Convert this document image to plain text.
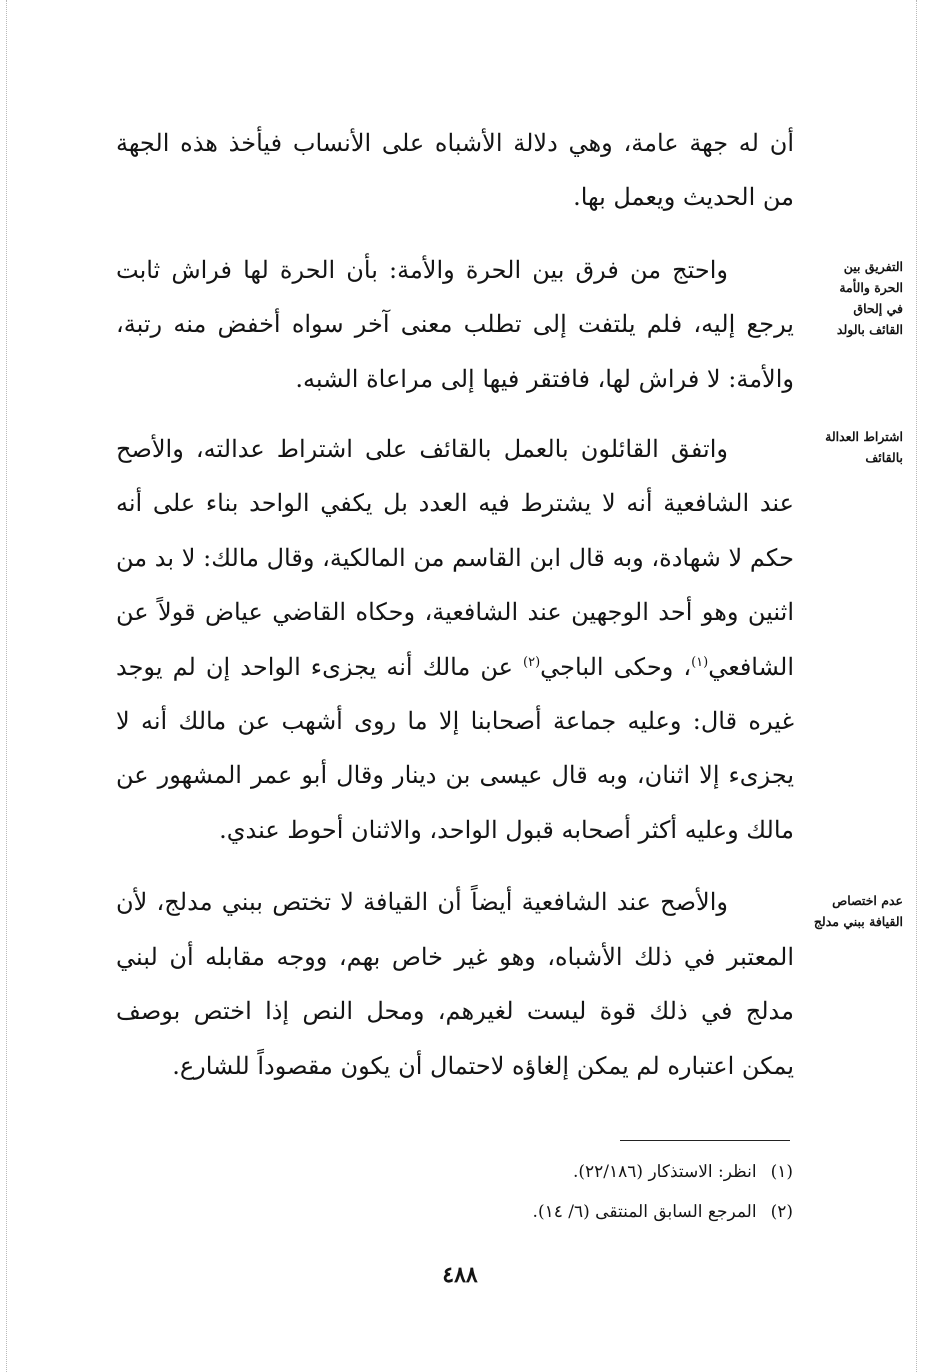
أن له جهة عامة، وهي دلالة الأشباه على الأنساب فيأخذ هذه الجهة من الحديث ويعمل بها.

واحتج من فرق بين الحرة والأمة: بأن الحرة لها فراش ثابت يرجع إليه، فلم يلتفت إلى تطلب معنى آخر سواه أخفض منه رتبة، والأمة: لا فراش لها، فافتقر فيها إلى مراعاة الشبه.

واتفق القائلون بالعمل بالقائف على اشتراط عدالته، والأصح عند الشافعية أنه لا يشترط فيه العدد بل يكفي الواحد بناء على أنه حكم لا شهادة، وبه قال ابن القاسم من المالكية، وقال مالك: لا بد من اثنين وهو أحد الوجهين عند الشافعية، وحكاه القاضي عياض قولاً عن الشافعي$^{(١)}$، وحكى الباجي$^{(٢)}$ عن مالك أنه يجزىء الواحد إن لم يوجد غيره قال: وعليه جماعة أصحابنا إلا ما روى أشهب عن مالك أنه لا يجزىء إلا اثنان، وبه قال عيسى بن دينار وقال أبو عمر المشهور عن مالك وعليه أكثر أصحابه قبول الواحد، والاثنان أحوط عندي.

والأصح عند الشافعية أيضاً أن القيافة لا تختص ببني مدلج، لأن المعتبر في ذلك الأشباه، وهو غير خاص بهم، ووجه مقابله أن لبني مدلج في ذلك قوة ليست لغيرهم، ومحل النص إذا اختص بوصف يمكن اعتباره لم يمكن إلغاؤه لاحتمال أن يكون مقصوداً للشارع.

التفريق بين
الحرة والأمة
في إلحاق
القائف بالولد
اشتراط العدالة
بالقائف
عدم اختصاص
القيافة ببني مدلج
(١)انظر: الاستذكار (٢٢/١٨٦).
(٢)المرجع السابق المنتقى (٦/ ١٤).
٤٨٨
